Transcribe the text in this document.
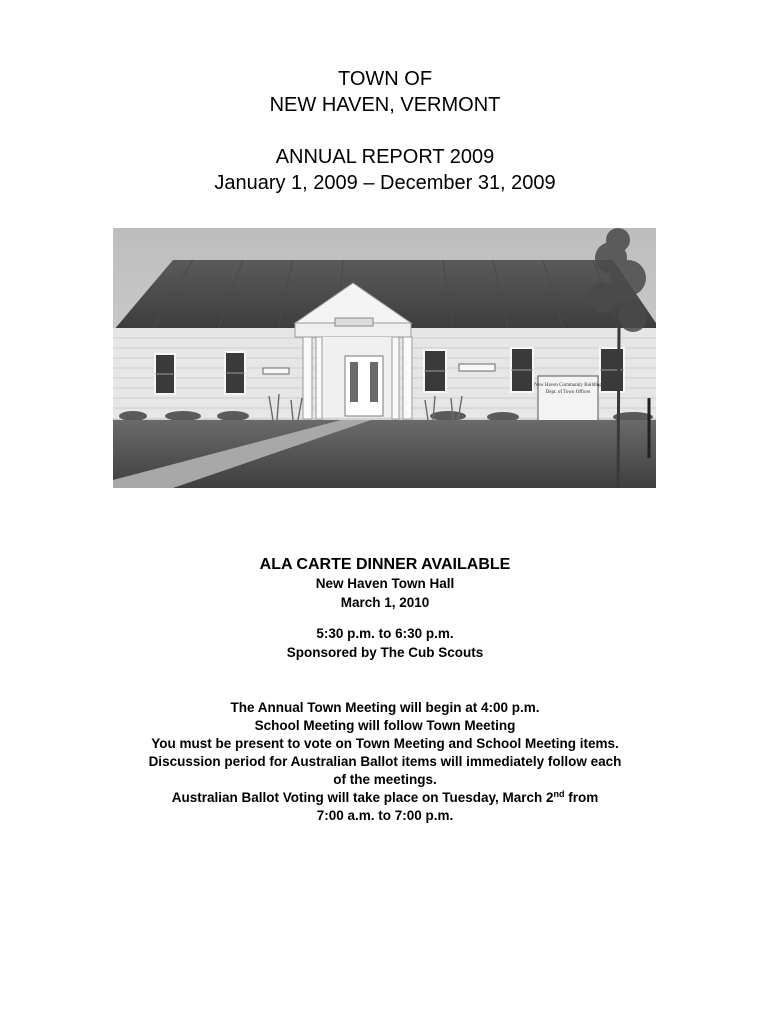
TOWN OF
NEW HAVEN, VERMONT
ANNUAL REPORT 2009
January 1, 2009 – December 31, 2009
New Haven Community Building
Dept. of Town Offices
ALA CARTE DINNER AVAILABLE
New Haven Town Hall
March 1, 2010
5:30 p.m. to 6:30 p.m.
Sponsored by The Cub Scouts
The Annual Town Meeting will begin at 4:00 p.m.
School Meeting will follow Town Meeting
You must be present to vote on Town Meeting and School Meeting items.
Discussion period for Australian Ballot items will immediately follow each
of the meetings.
Australian Ballot Voting will take place on Tuesday, March 2nd from
7:00 a.m. to 7:00 p.m.
